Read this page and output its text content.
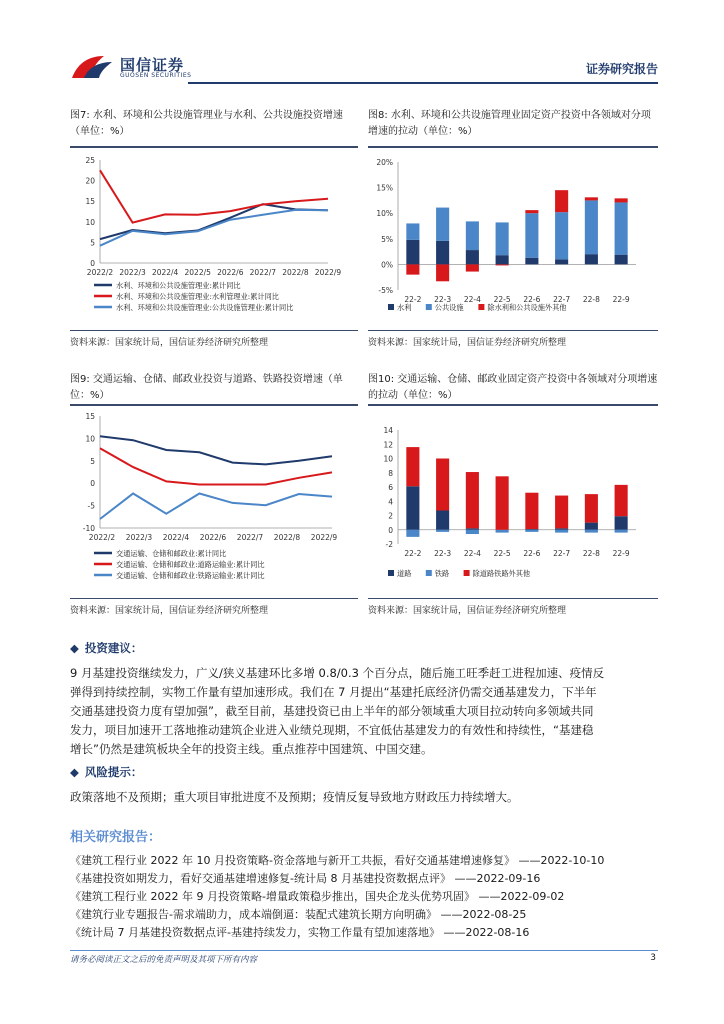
国信证券
GUOSEN SECURITIES	证券研究报告
图7: 水利、环境和公共设施管理业与水利、公共设施投资增速（单位：%）
0
5
10
15
20
25
2022/2 2022/3 2022/4 2022/5 2022/6 2022/7 2022/8 2022/9
水利、环境和公共设施管理业:累计同比
水利、环境和公共设施管理业:水利管理业:累计同比
水利、环境和公共设施管理业:公共设施管理业:累计同比
资料来源：国家统计局，国信证券经济研究所整理
图8: 水利、环境和公共设施管理业固定资产投资中各领域对分项增速的拉动（单位：%）
20%
15%
10%
5%
0%
-5%
22-2 22-3 22-4 22-5 22-6 22-7 22-8 22-9
水利	公共设施	除水利和公共设施外其他
资料来源：国家统计局，国信证券经济研究所整理
图9: 交通运输、仓储、邮政业投资与道路、铁路投资增速（单位：%）
-10
-5
0
5
10
15
2022/2 2022/3 2022/4 2022/6 2022/7 2022/8 2022/9
交通运输、仓储和邮政业:累计同比
交通运输、仓储和邮政业:道路运输业:累计同比
交通运输、仓储和邮政业:铁路运输业:累计同比
资料来源：国家统计局，国信证券经济研究所整理
图10: 交通运输、仓储、邮政业固定资产投资中各领域对分项增速的拉动（单位：%）
-2
0
2
4
6
8
10
12
14
22-2 22-3 22-4 22-5 22-6 22-7 22-8 22-9
道路	铁路	除道路铁路外其他
资料来源：国家统计局，国信证券经济研究所整理
◆ 投资建议：
9 月基建投资继续发力，广义/狭义基建环比多增 0.8/0.3 个百分点，随后施工旺季赶工进程加速、疫情反
弹得到持续控制，实物工作量有望加速形成。我们在 7 月提出“基建托底经济仍需交通基建发力，下半年
交通基建投资力度有望加强”，截至目前，基建投资已由上半年的部分领域重大项目拉动转向多领域共同
发力，项目加速开工落地推动建筑企业进入业绩兑现期，不宜低估基建发力的有效性和持续性，“基建稳
增长”仍然是建筑板块全年的投资主线。重点推荐中国建筑、中国交建。
◆ 风险提示：
政策落地不及预期；重大项目审批进度不及预期；疫情反复导致地方财政压力持续增大。
相关研究报告：
《建筑工程行业 2022 年 10 月投资策略-资金落地与新开工共振，看好交通基建增速修复》 ——2022-10-10
《基建投资如期发力，看好交通基建增速修复-统计局 8 月基建投资数据点评》 ——2022-09-16
《建筑工程行业 2022 年 9 月投资策略-增量政策稳步推出，国央企龙头优势巩固》 ——2022-09-02
《建筑行业专题报告-需求端助力，成本端倒逼：装配式建筑长期方向明确》 ——2022-08-25
《统计局 7 月基建投资数据点评-基建持续发力，实物工作量有望加速落地》 ——2022-08-16
请务必阅读正文之后的免责声明及其项下所有内容	3
